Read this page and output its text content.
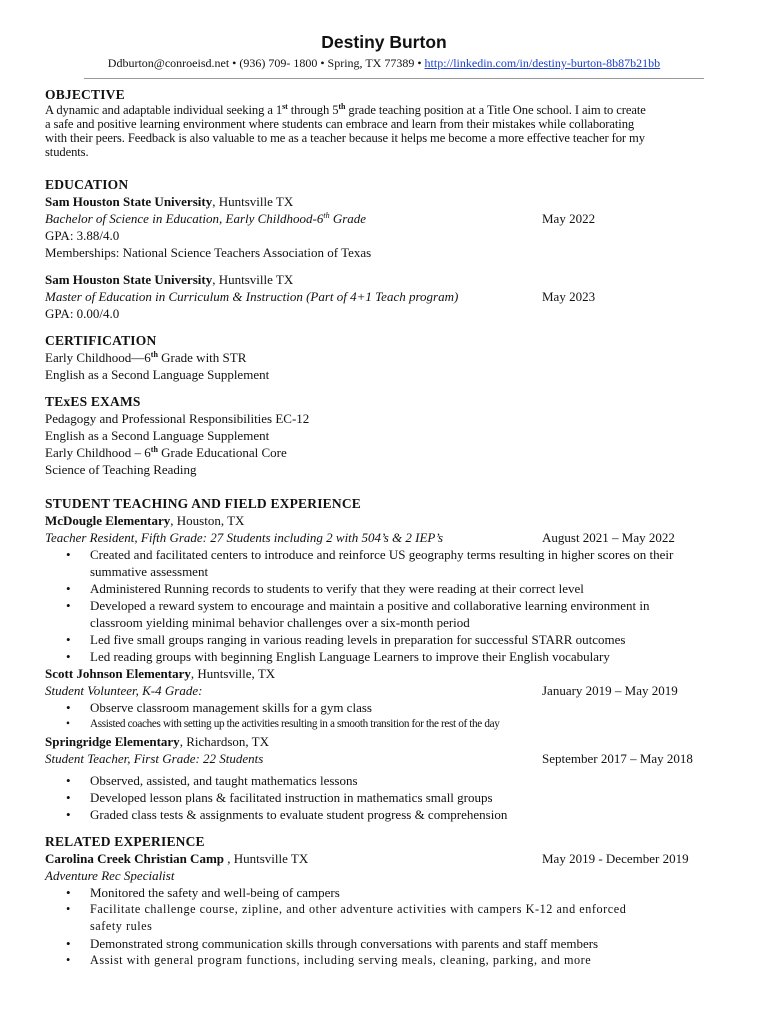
Destiny Burton
Ddburton@conroeisd.net • (936) 709- 1800 • Spring, TX 77389 • http://linkedin.com/in/destiny-burton-8b87b21bb
OBJECTIVE
A dynamic and adaptable individual seeking a 1st through 5th grade teaching position at a Title One school. I aim to create
a safe and positive learning environment where students can embrace and learn from their mistakes while collaborating
with their peers. Feedback is also valuable to me as a teacher because it helps me become a more effective teacher for my
students.
EDUCATION
Sam Houston State University, Huntsville TX
Bachelor of Science in Education, Early Childhood-6th Grade	May 2022
GPA: 3.88/4.0
Memberships: National Science Teachers Association of Texas
Sam Houston State University, Huntsville TX
Master of Education in Curriculum & Instruction (Part of 4+1 Teach program)	May 2023
GPA: 0.00/4.0
CERTIFICATION
Early Childhood—6th Grade with STR
English as a Second Language Supplement
TExES EXAMS
Pedagogy and Professional Responsibilities EC-12
English as a Second Language Supplement
Early Childhood – 6th Grade Educational Core
Science of Teaching Reading
STUDENT TEACHING AND FIELD EXPERIENCE
McDougle Elementary, Houston, TX
Teacher Resident, Fifth Grade: 27 Students including 2 with 504’s & 2 IEP’s	August 2021 – May 2022
• Created and facilitated centers to introduce and reinforce US geography terms resulting in higher scores on their
summative assessment
• Administered Running records to students to verify that they were reading at their correct level
• Developed a reward system to encourage and maintain a positive and collaborative learning environment in
classroom yielding minimal behavior challenges over a six-month period
• Led five small groups ranging in various reading levels in preparation for successful STARR outcomes
• Led reading groups with beginning English Language Learners to improve their English vocabulary
Scott Johnson Elementary, Huntsville, TX
Student Volunteer, K-4 Grade:	January 2019 – May 2019
• Observe classroom management skills for a gym class
• Assisted coaches with setting up the activities resulting in a smooth transition for the rest of the day
Springridge Elementary, Richardson, TX
Student Teacher, First Grade: 22 Students	September 2017 – May 2018
• Observed, assisted, and taught mathematics lessons
• Developed lesson plans & facilitated instruction in mathematics small groups
• Graded class tests & assignments to evaluate student progress & comprehension
RELATED EXPERIENCE
Carolina Creek Christian Camp , Huntsville TX	May 2019 - December 2019
Adventure Rec Specialist
• Monitored the safety and well-being of campers
• Facilitate challenge course, zipline, and other adventure activities with campers K-12 and enforced
safety rules
• Demonstrated strong communication skills through conversations with parents and staff members
• Assist with general program functions, including serving meals, cleaning, parking, and more
